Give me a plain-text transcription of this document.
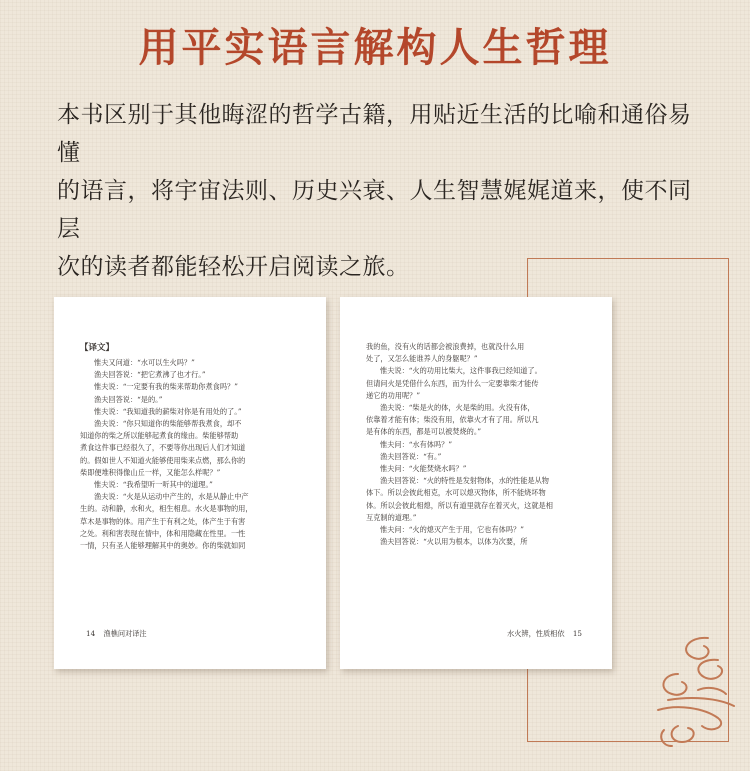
用平实语言解构人生哲理
本书区别于其他晦涩的哲学古籍，用贴近生活的比喻和通俗易懂
的语言，将宇宙法则、历史兴衰、人生智慧娓娓道来，使不同层
次的读者都能轻松开启阅读之旅。
【译文】
惟夫又问道：“水可以生火吗？”
渔夫回答说：“把它煮沸了也才行。”
惟夫说：“一定要有我的柴来帮助你煮食吗？”
渔夫回答说：“是的。”
惟夫说：“我知道我的薪柴对你是有用处的了。”
渔夫说：“你只知道你的柴能够帮我煮食，却不
知道你的柴之所以能够起煮食的缘由。柴能够帮助
煮食这件事已经很久了，不要等你出现后人们才知道
的。假如世人不知道火能够使用柴来点燃，那么你的
柴即便堆积得像山丘一样，又能怎么样呢？”
惟夫说：“我希望听一听其中的道理。”
渔夫说：“火是从运动中产生的，水是从静止中产
生的。动和静，水和火，相生相息。水火是事物的用，
草木是事物的体。用产生于有利之处，体产生于有害
之处。利和害表现在情中，体和用隐藏在性里。一性
一情，只有圣人能够理解其中的奥妙。你的柴就如同
14 渔樵问对译注
我的鱼，没有火的话都会被浪费掉，也就没什么用
处了，又怎么能谁养人的身躯呢？”
惟夫说：“火的功用比柴大，这件事我已经知道了。
但请问火是凭借什么东西，而为什么一定要靠柴才能传
递它的功用呢？”
渔夫说：“柴是火的体，火是柴的用。火没有体，
依靠着才能有体；柴没有用，依靠火才有了用。所以凡
是有体的东西，都是可以被焚烧的。”
惟夫问：“水有体吗？”
渔夫回答说：“有。”
惟夫问：“火能焚烧水吗？”
渔夫回答说：“火的特性是发射物体，水的性能是从物
体下。所以会彼此相克，水可以熄灭物体，所不能烧坏物
体。所以会彼此相熄，所以有道里就存在着灭火，这就是相
互克制的道理。”
惟夫问：“火的熄灭产生于用，它也有体吗？”
渔夫回答说：“火以用为根本，以体为次要，所
水火辨，性质相依 15
